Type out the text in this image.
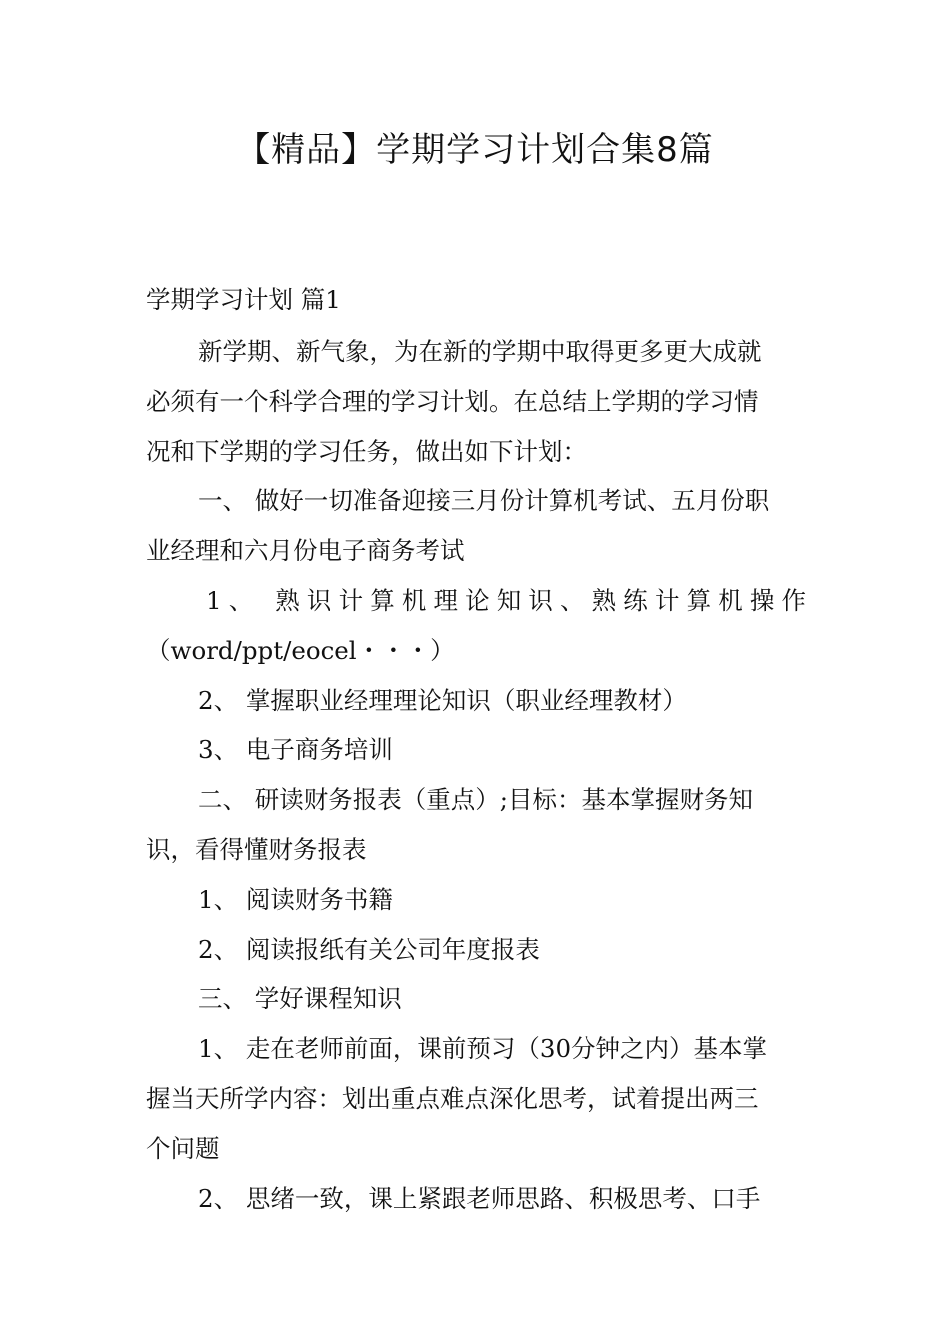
【精品】学期学习计划合集8篇
学期学习计划 篇1
新学期、新气象，为在新的学期中取得更多更大成就
必须有一个科学合理的学习计划。在总结上学期的学习情
况和下学期的学习任务，做出如下计划：
一、 做好一切准备迎接三月份计算机考试、五月份职
业经理和六月份电子商务考试
1、 熟识计算机理论知识、熟练计算机操作
（word/ppt/eocel・・・）
2、 掌握职业经理理论知识（职业经理教材）
3、 电子商务培训
二、 研读财务报表（重点）;目标：基本掌握财务知
识，看得懂财务报表
1、 阅读财务书籍
2、 阅读报纸有关公司年度报表
三、 学好课程知识
1、 走在老师前面，课前预习（30分钟之内）基本掌
握当天所学内容：划出重点难点深化思考，试着提出两三
个问题
2、 思绪一致，课上紧跟老师思路、积极思考、口手
